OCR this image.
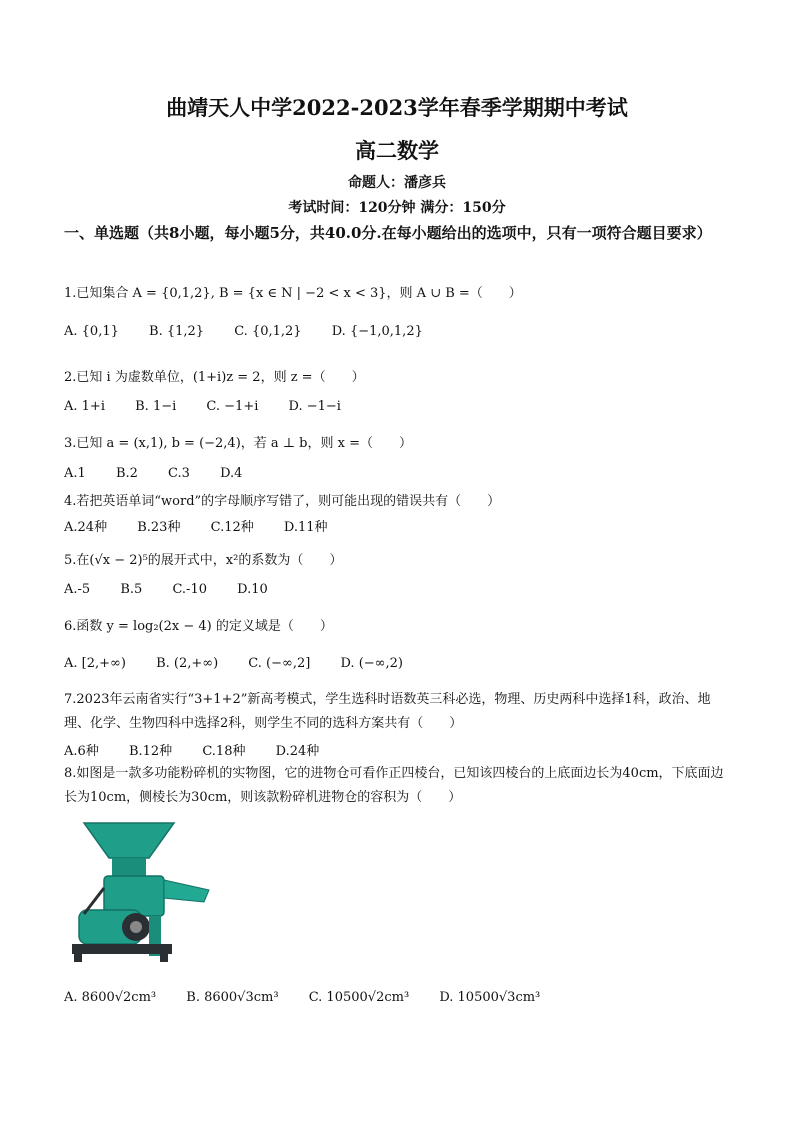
曲靖天人中学2022-2023学年春季学期期中考试
高二数学
命题人：潘彦兵
考试时间：120分钟 满分：150分
一、单选题（共8小题，每小题5分，共40.0分.在每小题给出的选项中，只有一项符合题目要求）
1.已知集合 A = {0,1,2}, B = {x ∈ N | −2 < x < 3}，则 A ∪ B =（　　）
A. {0,1} B. {1,2} C. {0,1,2} D. {−1,0,1,2}
2.已知 i 为虚数单位，(1+i)z = 2，则 z =（　　）
A. 1+i B. 1−i C. −1+i D. −1−i
3.已知 a = (x,1), b = (−2,4)，若 a ⊥ b，则 x =（　　）
A.1 B.2 C.3 D.4
4.若把英语单词“word”的字母顺序写错了，则可能出现的错误共有（　　）
A.24种 B.23种 C.12种 D.11种
5.在(√x − 2)⁵的展开式中，x²的系数为（　　）
A.-5 B.5 C.-10 D.10
6.函数 y = log₂(2x − 4) 的定义域是（　　）
A. [2,+∞) B. (2,+∞) C. (−∞,2] D. (−∞,2)
7.2023年云南省实行“3+1+2”新高考模式，学生选科时语数英三科必选，物理、历史两科中选择1科，政治、地理、化学、生物四科中选择2科，则学生不同的选科方案共有（　　）
A.6种 B.12种 C.18种 D.24种
8.如图是一款多功能粉碎机的实物图，它的进物仓可看作正四棱台，已知该四棱台的上底面边长为40cm，下底面边长为10cm，侧棱长为30cm，则该款粉碎机进物仓的容积为（　　）
A. 8600√2cm³ B. 8600√3cm³ C. 10500√2cm³ D. 10500√3cm³
